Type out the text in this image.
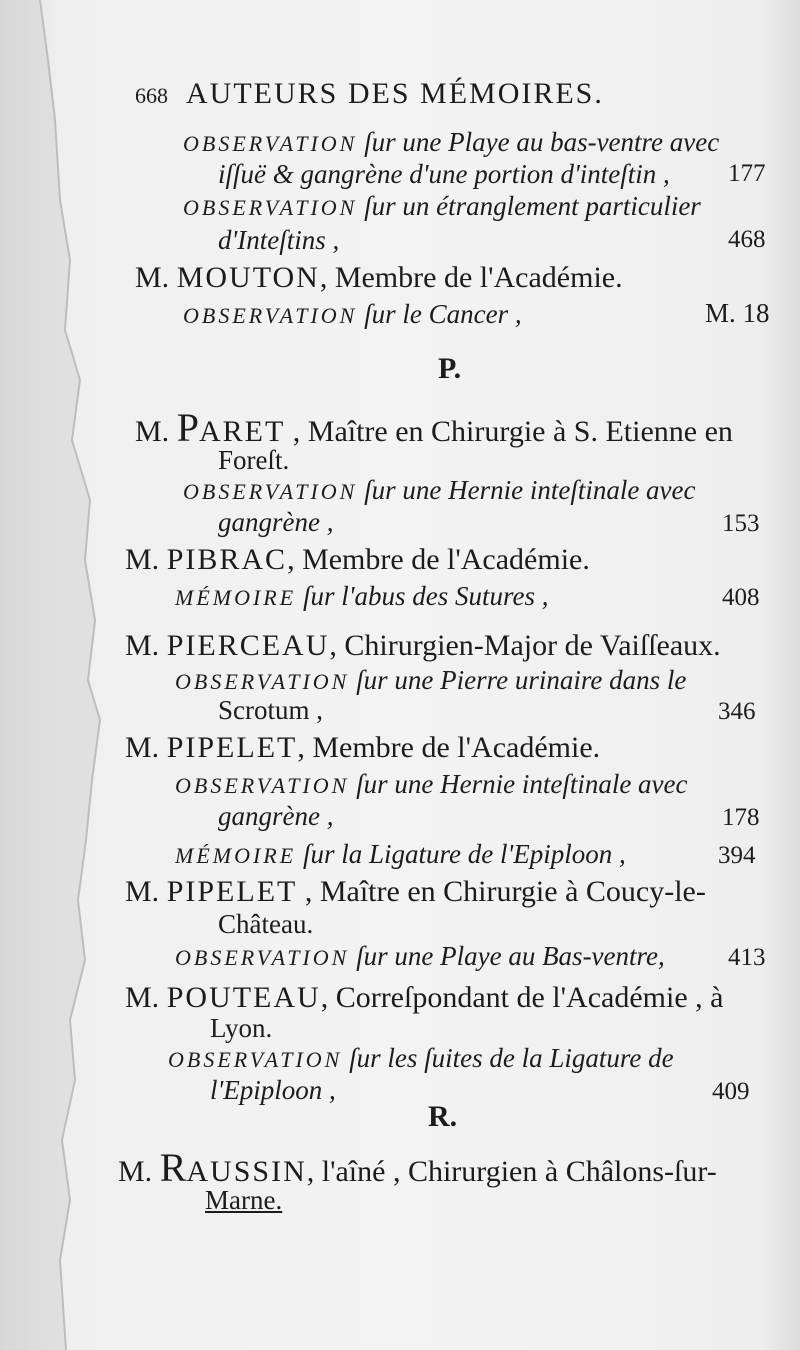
668 AUTEURS DES MÉMOIRES.
OBSERVATION ſur une Playe au bas-ventre avec
iſſuë & gangrène d'une portion d'inteſtin , 177
OBSERVATION ſur un étranglement particulier
d'Inteſtins ,	468
M. MOUTON, Membre de l'Académie.
OBSERVATION ſur le Cancer ,	M. 18
P.
M. PARET , Maître en Chirurgie à S. Etienne en
Foreſt.
OBSERVATION ſur une Hernie inteſtinale avec
gangrène ,	153
M. PIBRAC, Membre de l'Académie.
MÉMOIRE ſur l'abus des Sutures ,	408
M. PIERCEAU, Chirurgien-Major de Vaiſſeaux.
OBSERVATION ſur une Pierre urinaire dans le
Scrotum ,	346
M. PIPELET, Membre de l'Académie.
OBSERVATION ſur une Hernie inteſtinale avec
gangrène ,	178
MÉMOIRE ſur la Ligature de l'Epiploon ,	394
M. PIPELET , Maître en Chirurgie à Coucy-le-
Château.
OBSERVATION ſur une Playe au Bas-ventre,	413
M. POUTEAU, Correſpondant de l'Académie , à
Lyon.
OBSERVATION ſur les ſuites de la Ligature de
l'Epiploon ,	409
R.
M. RAUSSIN, l'aîné , Chirurgien à Châlons-ſur-
Marne.
